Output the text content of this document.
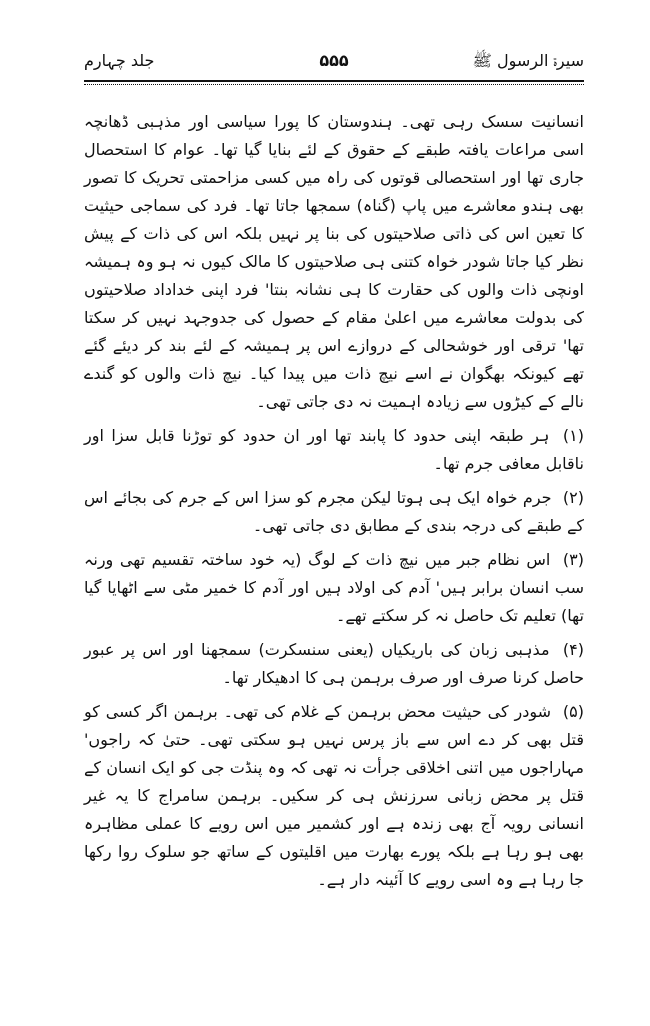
سیرۃ الرسول ﷺ
۵۵۵
جلد چہارم

انسانیت سسک رہی تھی۔ ہندوستان کا پورا سیاسی اور مذہبی ڈھانچہ اسی مراعات یافتہ طبقے کے حقوق کے لئے بنایا گیا تھا۔ عوام کا استحصال جاری تھا اور استحصالی قوتوں کی راہ میں کسی مزاحمتی تحریک کا تصور بھی ہندو معاشرے میں پاپ (گناہ) سمجھا جاتا تھا۔ فرد کی سماجی حیثیت کا تعین اس کی ذاتی صلاحیتوں کی بنا پر نہیں بلکہ اس کی ذات کے پیش نظر کیا جاتا شودر خواہ کتنی ہی صلاحیتوں کا مالک کیوں نہ ہو وہ ہمیشہ اونچی ذات والوں کی حقارت کا ہی نشانہ بنتا' فرد اپنی خداداد صلاحیتوں کی بدولت معاشرے میں اعلیٰ مقام کے حصول کی جدوجہد نہیں کر سکتا تھا' ترقی اور خوشحالی کے دروازے اس پر ہمیشہ کے لئے بند کر دیئے گئے تھے کیونکہ بھگوان نے اسے نیچ ذات میں پیدا کیا۔ نیچ ذات والوں کو گندے نالے کے کیڑوں سے زیادہ اہمیت نہ دی جاتی تھی۔

(۱) ہر طبقہ اپنی حدود کا پابند تھا اور ان حدود کو توڑنا قابل سزا اور ناقابل معافی جرم تھا۔

(۲) جرم خواہ ایک ہی ہوتا لیکن مجرم کو سزا اس کے جرم کی بجائے اس کے طبقے کی درجہ بندی کے مطابق دی جاتی تھی۔

(۳) اس نظام جبر میں نیچ ذات کے لوگ (یہ خود ساختہ تقسیم تھی ورنہ سب انسان برابر ہیں' آدم کی اولاد ہیں اور آدم کا خمیر مٹی سے اٹھایا گیا تھا) تعلیم تک حاصل نہ کر سکتے تھے۔

(۴) مذہبی زبان کی باریکیاں (یعنی سنسکرت) سمجھنا اور اس پر عبور حاصل کرنا صرف اور صرف برہمن ہی کا ادھیکار تھا۔

(۵) شودر کی حیثیت محض برہمن کے غلام کی تھی۔ برہمن اگر کسی کو قتل بھی کر دے اس سے باز پرس نہیں ہو سکتی تھی۔ حتیٰ کہ راجوں' مہاراجوں میں اتنی اخلاقی جرأت نہ تھی کہ وہ پنڈت جی کو ایک انسان کے قتل پر محض زبانی سرزنش ہی کر سکیں۔ برہمن سامراج کا یہ غیر انسانی رویہ آج بھی زندہ ہے اور کشمیر میں اس رویے کا عملی مظاہرہ بھی ہو رہا ہے بلکہ پورے بھارت میں اقلیتوں کے ساتھ جو سلوک روا رکھا جا رہا ہے وہ اسی رویے کا آئینہ دار ہے۔
